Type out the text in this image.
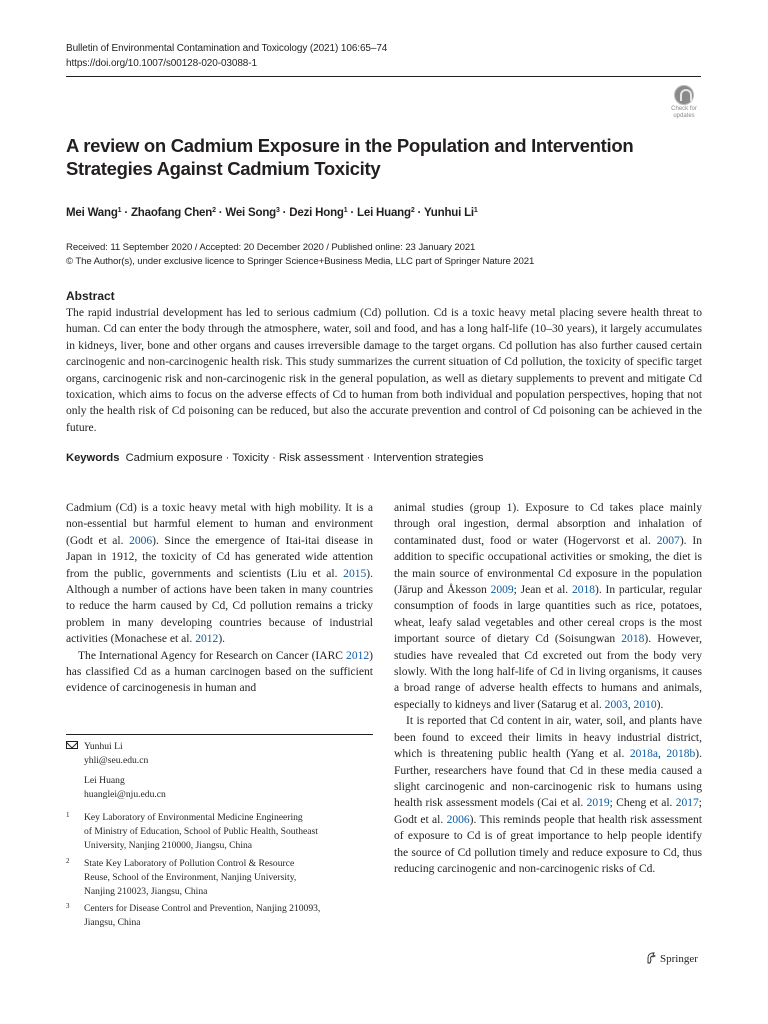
Bulletin of Environmental Contamination and Toxicology (2021) 106:65–74
https://doi.org/10.1007/s00128-020-03088-1
Check for
updates
A review on Cadmium Exposure in the Population and Intervention
Strategies Against Cadmium Toxicity
Mei Wang$^1$ · Zhaofang Chen$^2$ · Wei Song$^3$ · Dezi Hong$^1$ · Lei Huang$^2$ · Yunhui Li$^1$
Received: 11 September 2020 / Accepted: 20 December 2020 / Published online: 23 January 2021
© The Author(s), under exclusive licence to Springer Science+Business Media, LLC part of Springer Nature 2021
Abstract
The rapid industrial development has led to serious cadmium (Cd) pollution. Cd is a toxic heavy metal placing severe health threat to human. Cd can enter the body through the atmosphere, water, soil and food, and has a long half-life (10–30 years), it largely accumulates in kidneys, liver, bone and other organs and causes irreversible damage to the target organs. Cd pollution has also further caused certain carcinogenic and non-carcinogenic health risk. This study summarizes the current situation of Cd pollution, the toxicity of specific target organs, carcinogenic risk and non-carcinogenic risk in the general population, as well as dietary supplements to prevent and mitigate Cd toxication, which aims to focus on the adverse effects of Cd to human from both individual and population perspectives, hoping that not only the health risk of Cd poisoning can be reduced, but also the accurate prevention and control of Cd poisoning can be achieved in the future.
Keywords Cadmium exposure · Toxicity · Risk assessment · Intervention strategies

Cadmium (Cd) is a toxic heavy metal with high mobility. It is a non-essential but harmful element to human and environment (Godt et al. 2006). Since the emergence of Itai-itai disease in Japan in 1912, the toxicity of Cd has generated wide attention from the public, governments and scientists (Liu et al. 2015). Although a number of actions have been taken in many countries to reduce the harm caused by Cd, Cd pollution remains a tricky problem in many developing countries because of industrial activities (Monachese et al. 2012).

The International Agency for Research on Cancer (IARC 2012) has classified Cd as a human carcinogen based on the sufficient evidence of carcinogenesis in human and

animal studies (group 1). Exposure to Cd takes place mainly through oral ingestion, dermal absorption and inhalation of contaminated dust, food or water (Hogervorst et al. 2007). In addition to specific occupational activities or smoking, the diet is the main source of environmental Cd exposure in the population (Järup and Åkesson 2009; Jean et al. 2018). In particular, regular consumption of foods in large quantities such as rice, potatoes, wheat, leafy salad vegetables and other cereal crops is the most important source of dietary Cd (Soisungwan 2018). However, studies have revealed that Cd excreted out from the body very slowly. With the long half-life of Cd in living organisms, it causes a broad range of adverse health effects to humans and animals, especially to kidneys and liver (Satarug et al. 2003, 2010).

It is reported that Cd content in air, water, soil, and plants have been found to exceed their limits in heavy industrial district, which is threatening public health (Yang et al. 2018a, 2018b). Further, researchers have found that Cd in these media caused a slight carcinogenic and non-carcinogenic risk to humans using health risk assessment models (Cai et al. 2019; Cheng et al. 2017; Godt et al. 2006). This reminds people that health risk assessment of exposure to Cd is of great importance to help people identify the source of Cd pollution timely and reduce exposure to Cd, thus reducing carcinogenic and non-carcinogenic risks of Cd.

Yunhui Li
yhli@seu.edu.cn
Lei Huang
huanglei@nju.edu.cn
1 Key Laboratory of Environmental Medicine Engineering
of Ministry of Education, School of Public Health, Southeast
University, Nanjing 210000, Jiangsu, China
2 State Key Laboratory of Pollution Control & Resource
Reuse, School of the Environment, Nanjing University,
Nanjing 210023, Jiangsu, China
3 Centers for Disease Control and Prevention, Nanjing 210093,
Jiangsu, China
Springer
